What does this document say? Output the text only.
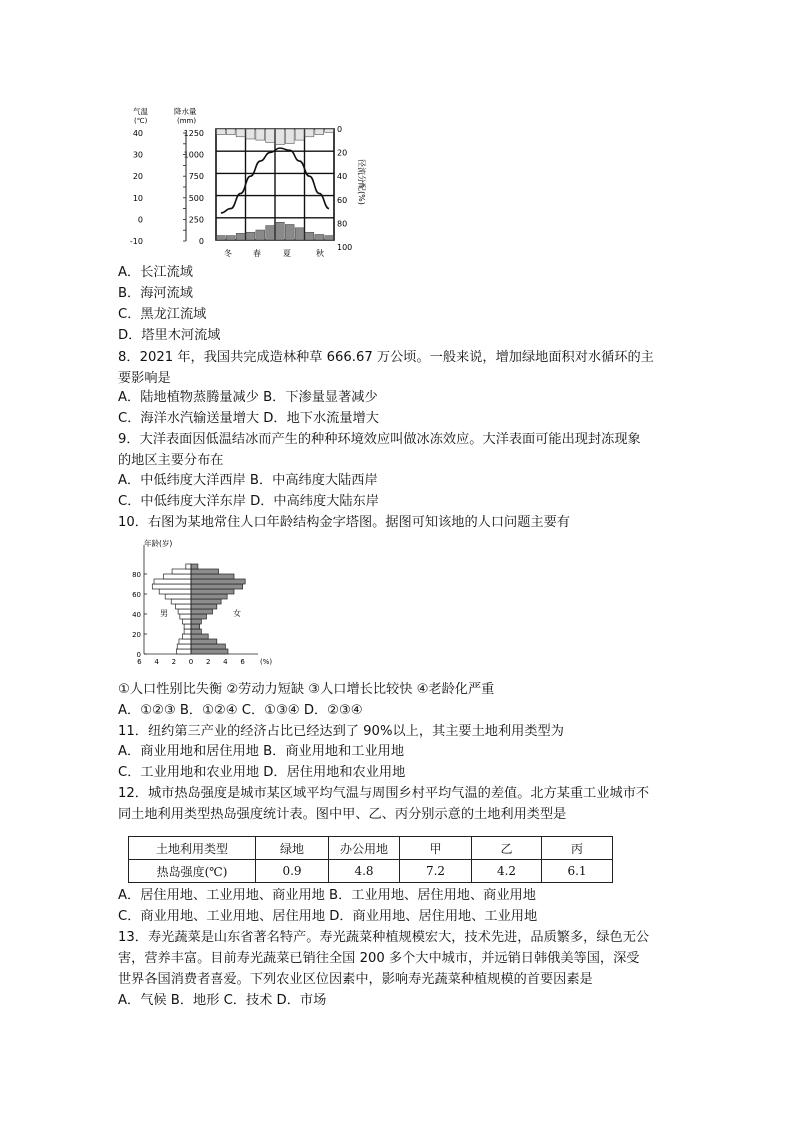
气温
(℃)
降水量
(mm)
40
30
20
10
0
-10
1250
1000
750
500
250
0
0
20
40
60
80
100
径流分配(%)
冬	春	夏	秋
A．长江流域
B．海河流域
C．黑龙江流域
D．塔里木河流域
8．2021 年，我国共完成造林种草 666.67 万公顷。一般来说，增加绿地面积对水循环的主
要影响是
A．陆地植物蒸腾量减少 B．下渗量显著减少
C．海洋水汽输送量增大 D．地下水流量增大
9．大洋表面因低温结冰而产生的种种环境效应叫做冰冻效应。大洋表面可能出现封冻现象
的地区主要分布在
A．中低纬度大洋西岸 B．中高纬度大陆西岸
C．中低纬度大洋东岸 D．中高纬度大陆东岸
10．右图为某地常住人口年龄结构金字塔图。据图可知该地的人口问题主要有
年龄(岁)
80
60
40
20
0
6 4 2 0 2 4 6
男	女
(%)
①人口性别比失衡 ②劳动力短缺 ③人口增长比较快 ④老龄化严重
A．①②③ B．①②④ C．①③④ D．②③④
11．纽约第三产业的经济占比已经达到了 90%以上，其主要土地利用类型为
A．商业用地和居住用地 B．商业用地和工业用地
C．工业用地和农业用地 D．居住用地和农业用地
12．城市热岛强度是城市某区域平均气温与周围乡村平均气温的差值。北方某重工业城市不
同土地利用类型热岛强度统计表。图中甲、乙、丙分别示意的土地利用类型是
土地利用类型	绿地	办公用地	甲	乙	丙
热岛强度(℃)	0.9	4.8	7.2	4.2	6.1
A．居住用地、工业用地、商业用地 B．工业用地、居住用地、商业用地
C．商业用地、工业用地、居住用地 D．商业用地、居住用地、工业用地
13．寿光蔬菜是山东省著名特产。寿光蔬菜种植规模宏大，技术先进，品质繁多，绿色无公
害，营养丰富。目前寿光蔬菜已销往全国 200 多个大中城市，并远销日韩俄美等国，深受
世界各国消费者喜爱。下列农业区位因素中，影响寿光蔬菜种植规模的首要因素是
A．气候 B．地形 C．技术 D．市场
